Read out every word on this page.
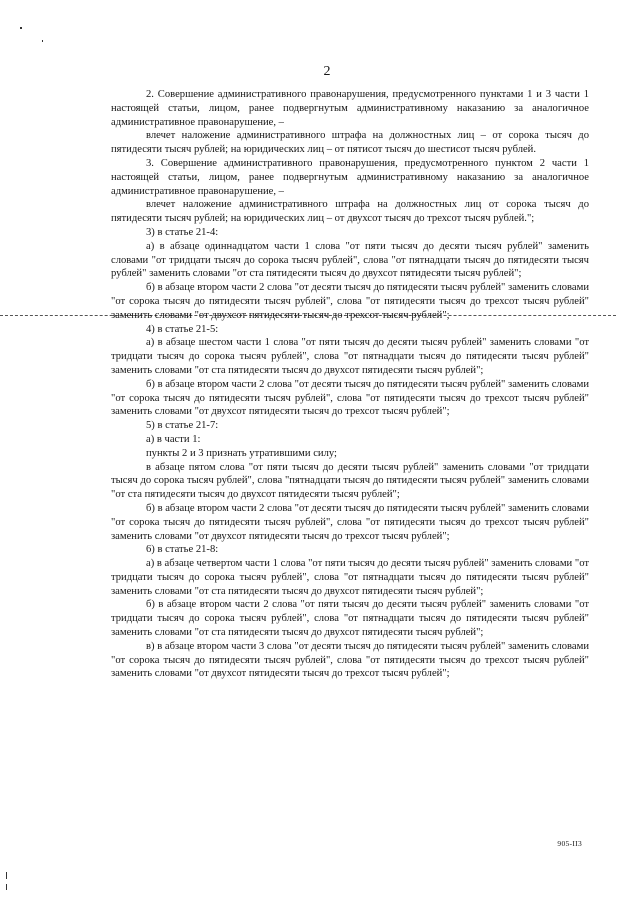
2

2. Совершение административного правонарушения, предусмотренного пунктами 1 и 3 части 1 настоящей статьи, лицом, ранее подвергнутым административному наказанию за аналогичное административное правонарушение, –

влечет наложение административного штрафа на должностных лиц – от сорока тысяч до пятидесяти тысяч рублей; на юридических лиц – от пятисот тысяч до шестисот тысяч рублей.

3. Совершение административного правонарушения, предусмотренного пунктом 2 части 1 настоящей статьи, лицом, ранее подвергнутым административному наказанию за аналогичное административное правонарушение, –

влечет наложение административного штрафа на должностных лиц от сорока тысяч до пятидесяти тысяч рублей; на юридических лиц – от двухсот тысяч до трехсот тысяч рублей.";

3) в статье 21-4:

а) в абзаце одиннадцатом части 1 слова "от пяти тысяч до десяти тысяч рублей" заменить словами "от тридцати тысяч до сорока тысяч рублей", слова "от пятнадцати тысяч до пятидесяти тысяч рублей" заменить словами "от ста пятидесяти тысяч до двухсот пятидесяти тысяч рублей";

б) в абзаце втором части 2 слова "от десяти тысяч до пятидесяти тысяч рублей" заменить словами "от сорока тысяч до пятидесяти тысяч рублей", слова "от пятидесяти тысяч до трехсот тысяч рублей" заменить словами "от двухсот пятидесяти тысяч до трехсот тысяч рублей";

4) в статье 21-5:

а) в абзаце шестом части 1 слова "от пяти тысяч до десяти тысяч рублей" заменить словами "от тридцати тысяч до сорока тысяч рублей", слова "от пятнадцати тысяч до пятидесяти тысяч рублей" заменить словами "от ста пятидесяти тысяч до двухсот пятидесяти тысяч рублей";

б) в абзаце втором части 2 слова "от десяти тысяч до пятидесяти тысяч рублей" заменить словами "от сорока тысяч до пятидесяти тысяч рублей", слова "от пятидесяти тысяч до трехсот тысяч рублей" заменить словами "от двухсот пятидесяти тысяч до трехсот тысяч рублей";

5) в статье 21-7:

а) в части 1:

пункты 2 и 3 признать утратившими силу;

в абзаце пятом слова "от пяти тысяч до десяти тысяч рублей" заменить словами "от тридцати тысяч до сорока тысяч рублей", слова "пятнадцати тысяч до пятидесяти тысяч рублей" заменить словами "от ста пятидесяти тысяч до двухсот пятидесяти тысяч рублей";

б) в абзаце втором части 2 слова "от десяти тысяч до пятидесяти тысяч рублей" заменить словами "от сорока тысяч до пятидесяти тысяч рублей", слова "от пятидесяти тысяч до трехсот тысяч рублей" заменить словами "от двухсот пятидесяти тысяч до трехсот тысяч рублей";

6) в статье 21-8:

а) в абзаце четвертом части 1 слова "от пяти тысяч до десяти тысяч рублей" заменить словами "от тридцати тысяч до сорока тысяч рублей", слова "от пятнадцати тысяч до пятидесяти тысяч рублей" заменить словами "от ста пятидесяти тысяч до двухсот пятидесяти тысяч рублей";

б) в абзаце втором части 2 слова "от пяти тысяч до десяти тысяч рублей" заменить словами "от тридцати тысяч до сорока тысяч рублей", слова "от пятнадцати тысяч до пятидесяти тысяч рублей" заменить словами "от ста пятидесяти тысяч до двухсот пятидесяти тысяч рублей";

в) в абзаце втором части 3 слова "от десяти тысяч до пятидесяти тысяч рублей" заменить словами "от сорока тысяч до пятидесяти тысяч рублей", слова "от пятидесяти тысяч до трехсот тысяч рублей" заменить словами "от двухсот пятидесяти тысяч до трехсот тысяч рублей";

905-II3
